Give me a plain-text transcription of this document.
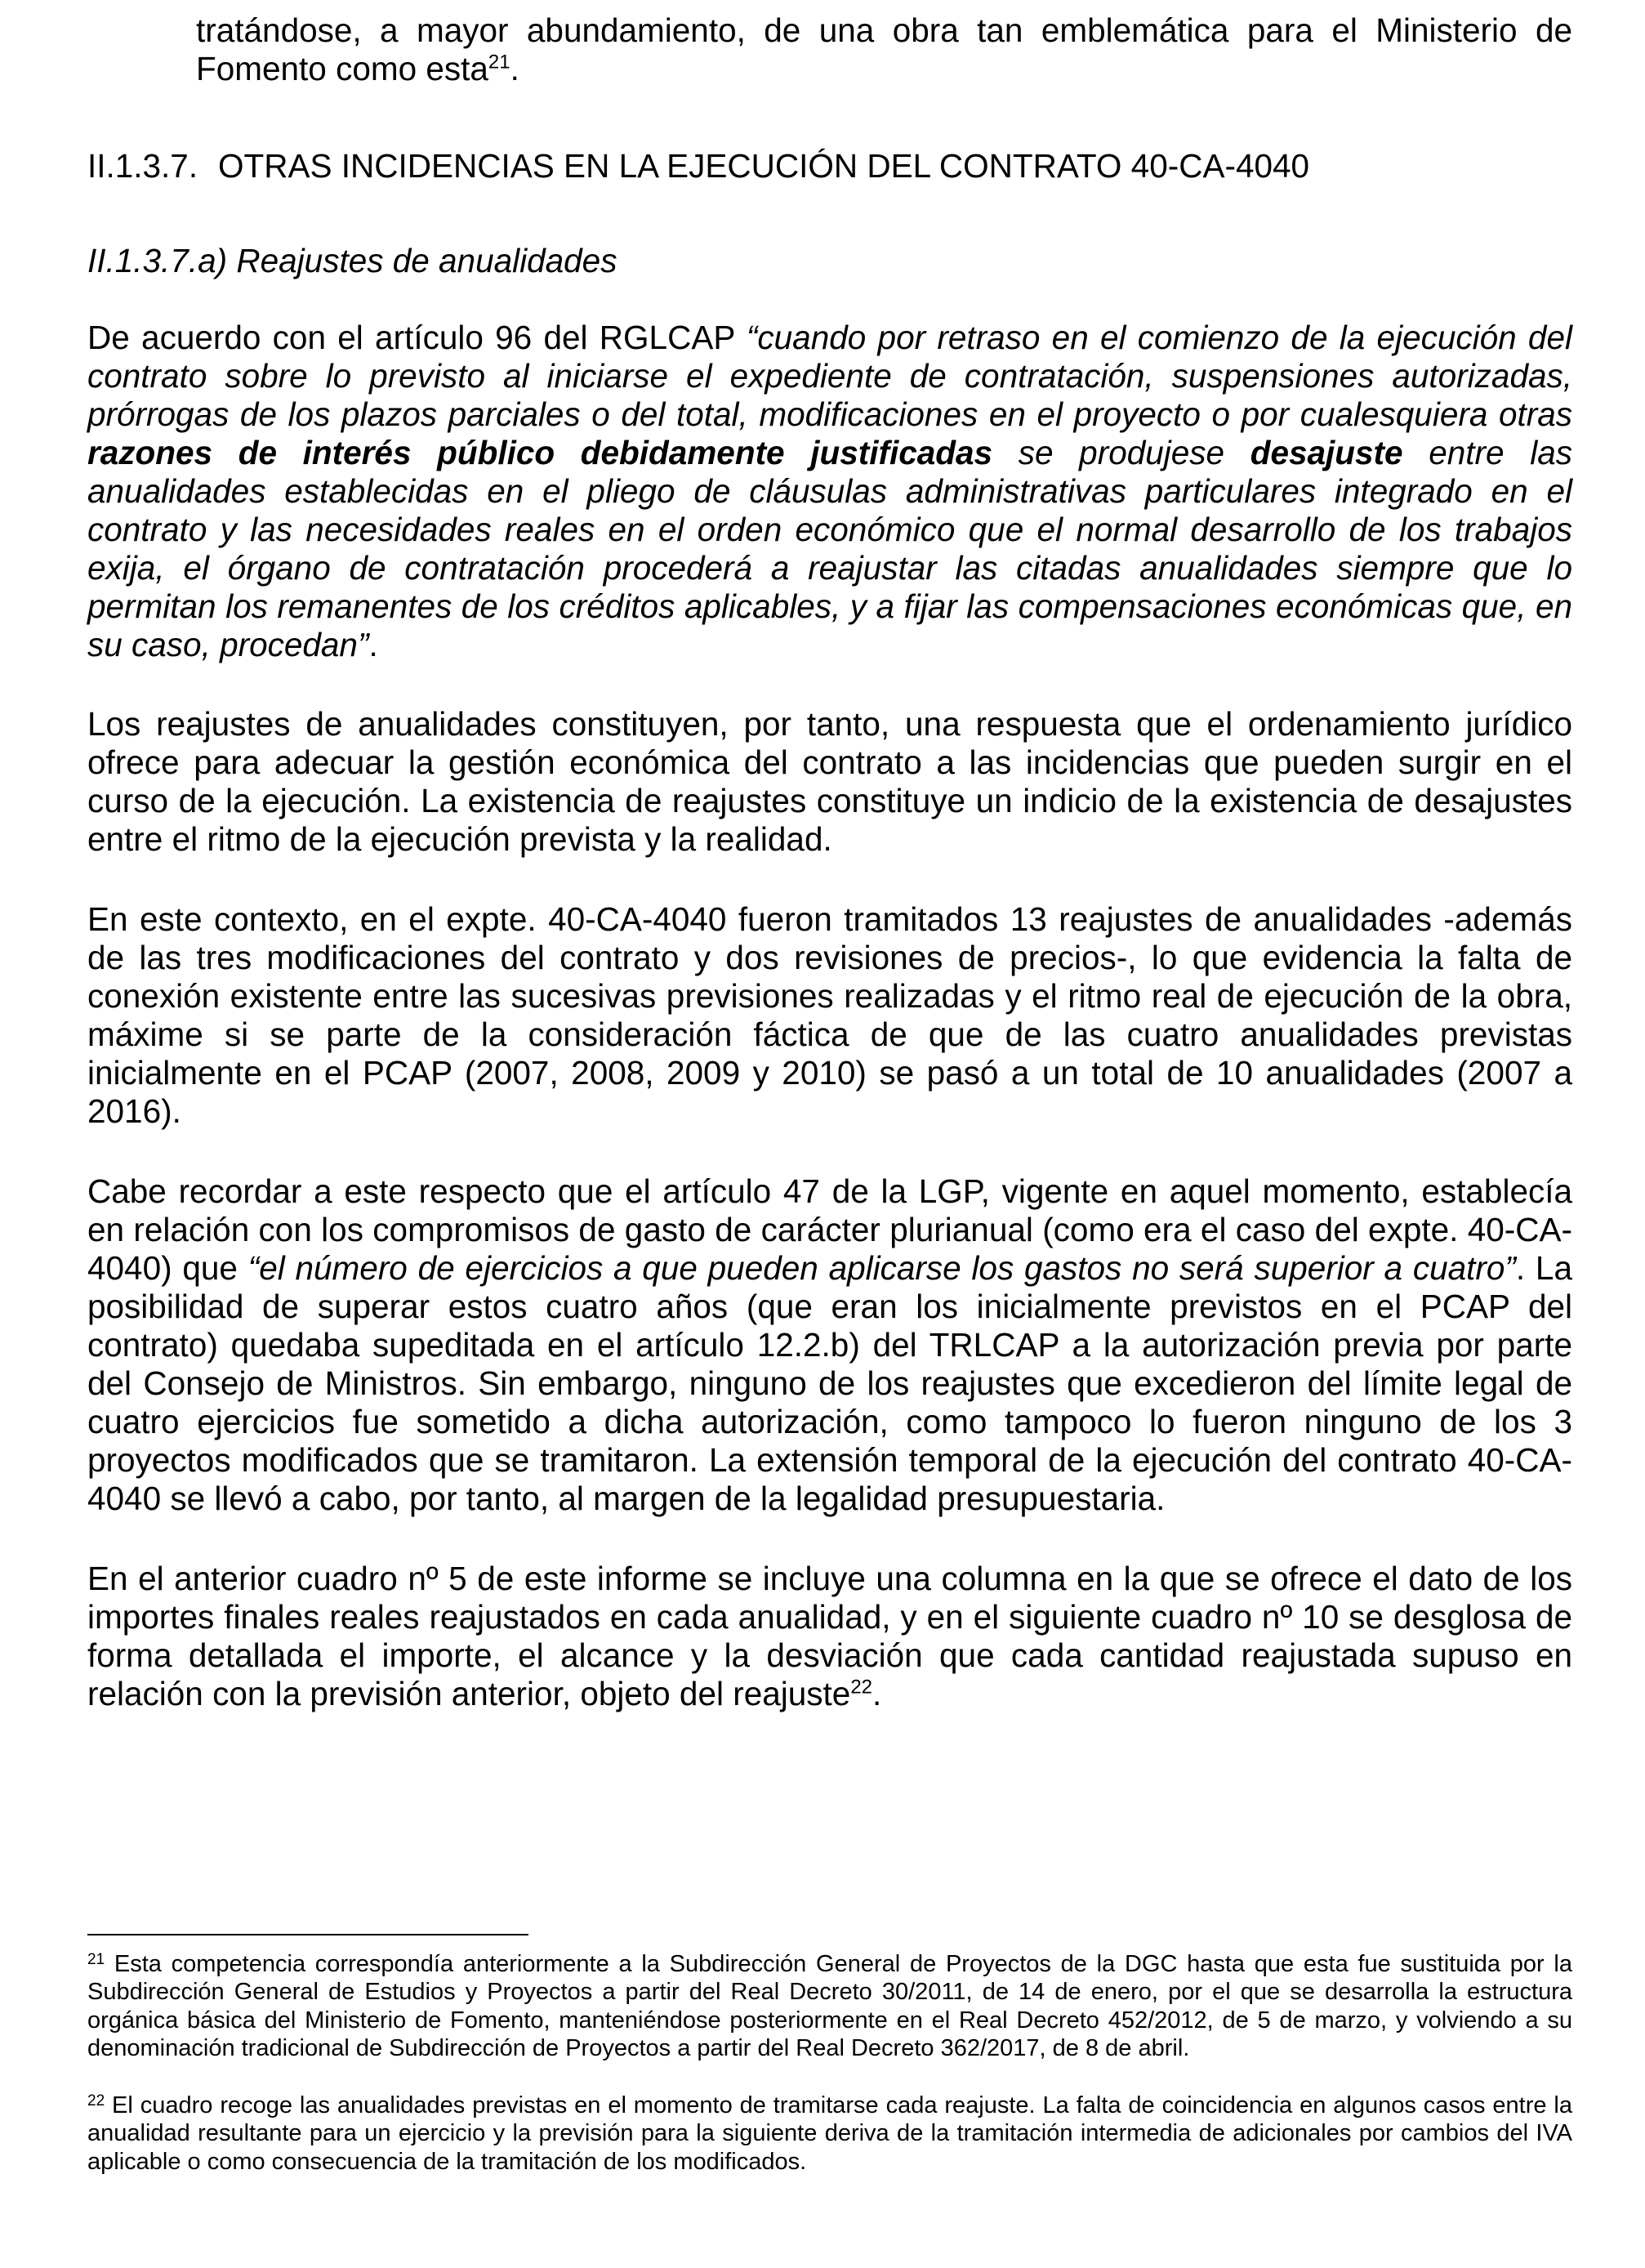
tratándose, a mayor abundamiento, de una obra tan emblemática para el Ministerio de Fomento como esta$^{21}$.

II.1.3.7. OTRAS INCIDENCIAS EN LA EJECUCIÓN DEL CONTRATO 40-CA-4040

II.1.3.7.a) Reajustes de anualidades

De acuerdo con el artículo 96 del RGLCAP “cuando por retraso en el comienzo de la ejecución del contrato sobre lo previsto al iniciarse el expediente de contratación, suspensiones autorizadas, prórrogas de los plazos parciales o del total, modificaciones en el proyecto o por cualesquiera otras razones de interés público debidamente justificadas se produjese desajuste entre las anualidades establecidas en el pliego de cláusulas administrativas particulares integrado en el contrato y las necesidades reales en el orden económico que el normal desarrollo de los trabajos exija, el órgano de contratación procederá a reajustar las citadas anualidades siempre que lo permitan los remanentes de los créditos aplicables, y a fijar las compensaciones económicas que, en su caso, procedan”.

Los reajustes de anualidades constituyen, por tanto, una respuesta que el ordenamiento jurídico ofrece para adecuar la gestión económica del contrato a las incidencias que pueden surgir en el curso de la ejecución. La existencia de reajustes constituye un indicio de la existencia de desajustes entre el ritmo de la ejecución prevista y la realidad.

En este contexto, en el expte. 40-CA-4040 fueron tramitados 13 reajustes de anualidades -además de las tres modificaciones del contrato y dos revisiones de precios-, lo que evidencia la falta de conexión existente entre las sucesivas previsiones realizadas y el ritmo real de ejecución de la obra, máxime si se parte de la consideración fáctica de que de las cuatro anualidades previstas inicialmente en el PCAP (2007, 2008, 2009 y 2010) se pasó a un total de 10 anualidades (2007 a 2016).

Cabe recordar a este respecto que el artículo 47 de la LGP, vigente en aquel momento, establecía en relación con los compromisos de gasto de carácter plurianual (como era el caso del expte. 40-CA-4040) que “el número de ejercicios a que pueden aplicarse los gastos no será superior a cuatro”. La posibilidad de superar estos cuatro años (que eran los inicialmente previstos en el PCAP del contrato) quedaba supeditada en el artículo 12.2.b) del TRLCAP a la autorización previa por parte del Consejo de Ministros. Sin embargo, ninguno de los reajustes que excedieron del límite legal de cuatro ejercicios fue sometido a dicha autorización, como tampoco lo fueron ninguno de los 3 proyectos modificados que se tramitaron. La extensión temporal de la ejecución del contrato 40-CA-4040 se llevó a cabo, por tanto, al margen de la legalidad presupuestaria.

En el anterior cuadro nº 5 de este informe se incluye una columna en la que se ofrece el dato de los importes finales reales reajustados en cada anualidad, y en el siguiente cuadro nº 10 se desglosa de forma detallada el importe, el alcance y la desviación que cada cantidad reajustada supuso en relación con la previsión anterior, objeto del reajuste$^{22}$.

$^{21}$ Esta competencia correspondía anteriormente a la Subdirección General de Proyectos de la DGC hasta que esta fue sustituida por la Subdirección General de Estudios y Proyectos a partir del Real Decreto 30/2011, de 14 de enero, por el que se desarrolla la estructura orgánica básica del Ministerio de Fomento, manteniéndose posteriormente en el Real Decreto 452/2012, de 5 de marzo, y volviendo a su denominación tradicional de Subdirección de Proyectos a partir del Real Decreto 362/2017, de 8 de abril.

$^{22}$ El cuadro recoge las anualidades previstas en el momento de tramitarse cada reajuste. La falta de coincidencia en algunos casos entre la anualidad resultante para un ejercicio y la previsión para la siguiente deriva de la tramitación intermedia de adicionales por cambios del IVA aplicable o como consecuencia de la tramitación de los modificados.
